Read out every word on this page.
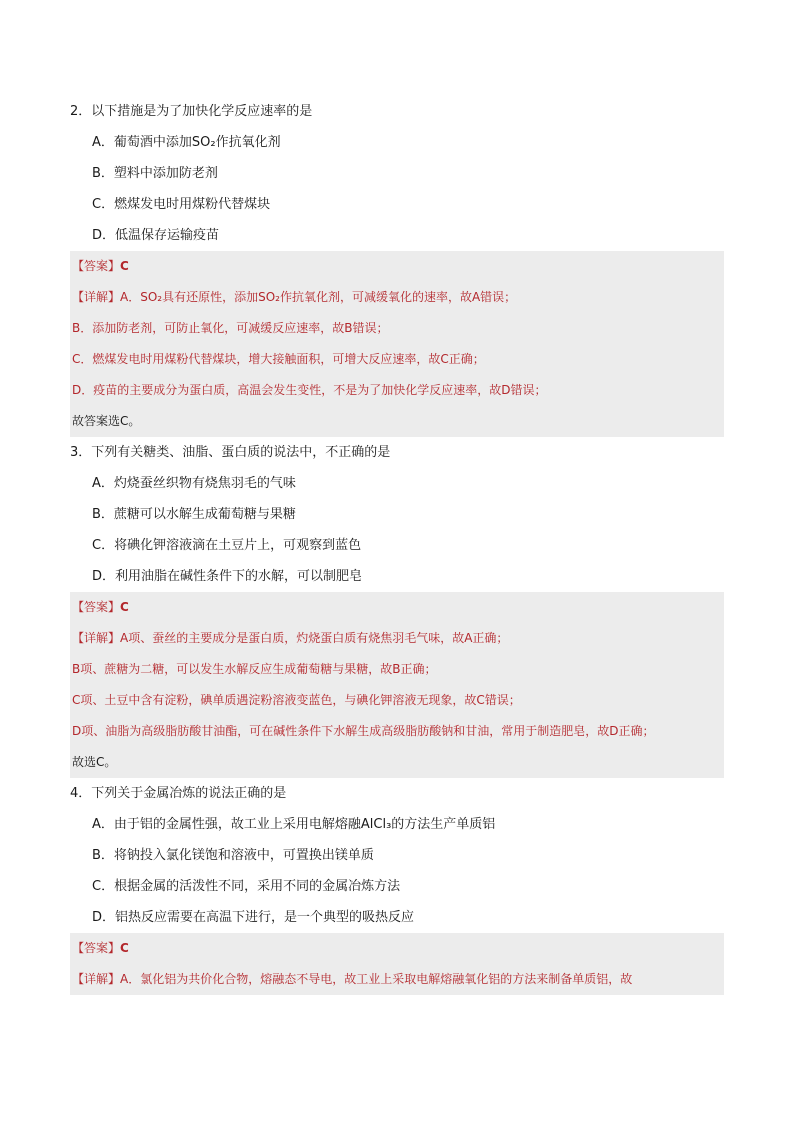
2．以下措施是为了加快化学反应速率的是
A．葡萄酒中添加SO₂作抗氧化剂
B．塑料中添加防老剂
C．燃煤发电时用煤粉代替煤块
D．低温保存运输疫苗
【答案】C
【详解】A．SO₂具有还原性，添加SO₂作抗氧化剂，可减缓氧化的速率，故A错误；
B．添加防老剂，可防止氧化，可减缓反应速率，故B错误；
C．燃煤发电时用煤粉代替煤块，增大接触面积，可增大反应速率，故C正确；
D．疫苗的主要成分为蛋白质，高温会发生变性，不是为了加快化学反应速率，故D错误；
故答案选C。
3．下列有关糖类、油脂、蛋白质的说法中，不正确的是
A．灼烧蚕丝织物有烧焦羽毛的气味
B．蔗糖可以水解生成葡萄糖与果糖
C．将碘化钾溶液滴在土豆片上，可观察到蓝色
D．利用油脂在碱性条件下的水解，可以制肥皂
【答案】C
【详解】A项、蚕丝的主要成分是蛋白质，灼烧蛋白质有烧焦羽毛气味，故A正确；
B项、蔗糖为二糖，可以发生水解反应生成葡萄糖与果糖，故B正确；
C项、土豆中含有淀粉，碘单质遇淀粉溶液变蓝色，与碘化钾溶液无现象，故C错误；
D项、油脂为高级脂肪酸甘油酯，可在碱性条件下水解生成高级脂肪酸钠和甘油，常用于制造肥皂，故D正确；
故选C。
4．下列关于金属冶炼的说法正确的是
A．由于铝的金属性强，故工业上采用电解熔融AlCl₃的方法生产单质铝
B．将钠投入氯化镁饱和溶液中，可置换出镁单质
C．根据金属的活泼性不同，采用不同的金属冶炼方法
D．铝热反应需要在高温下进行，是一个典型的吸热反应
【答案】C
【详解】A．氯化铝为共价化合物，熔融态不导电，故工业上采取电解熔融氧化铝的方法来制备单质铝，故
